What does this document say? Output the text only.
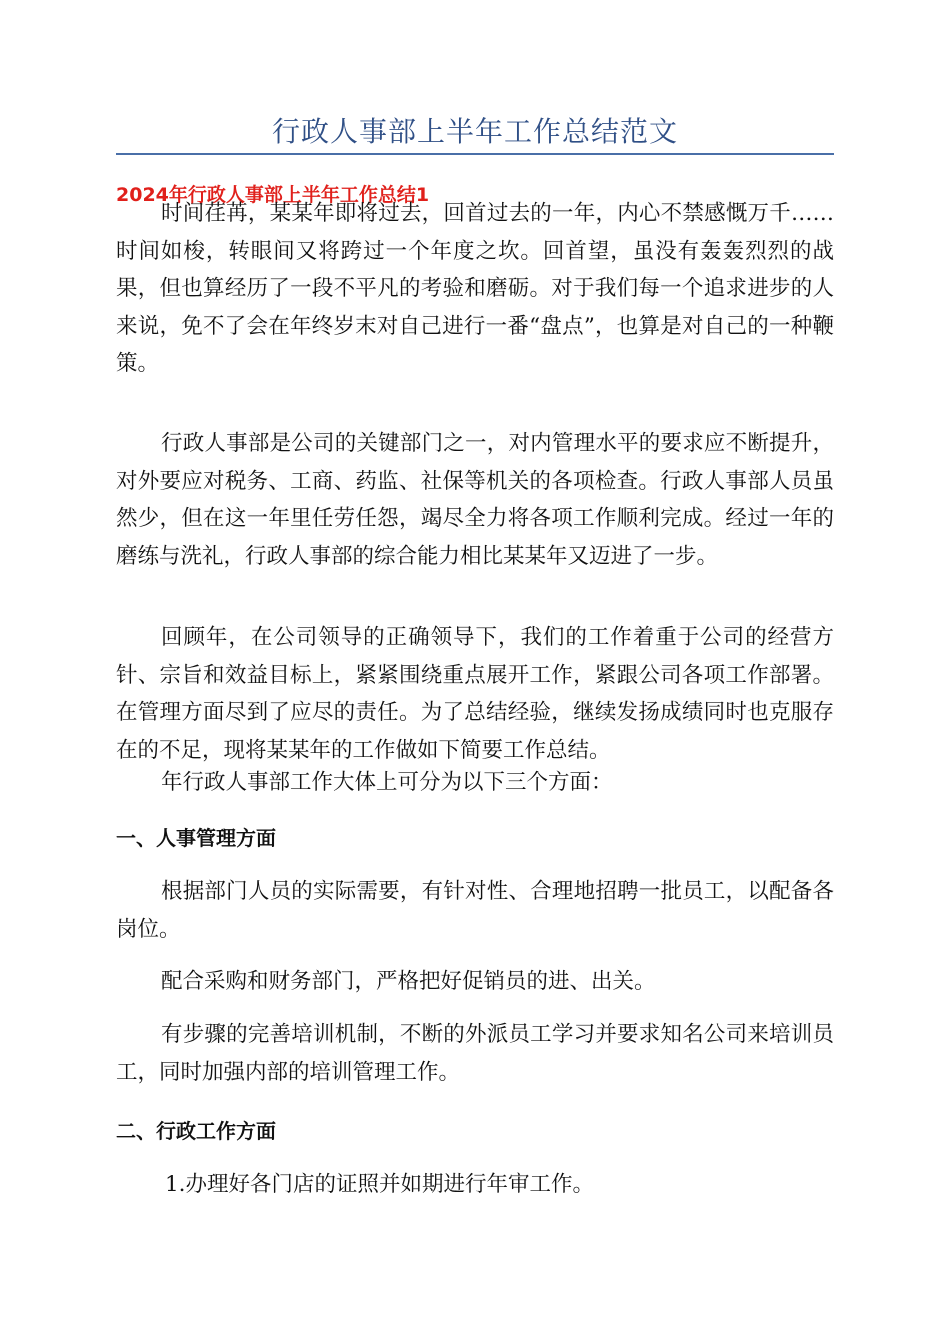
行政人事部上半年工作总结范文
2024年行政人事部上半年工作总结1

时间荏苒，某某年即将过去，回首过去的一年，内心不禁感慨万千……时间如梭，转眼间又将跨过一个年度之坎。回首望，虽没有轰轰烈烈的战果，但也算经历了一段不平凡的考验和磨砺。对于我们每一个追求进步的人来说，免不了会在年终岁末对自己进行一番“盘点”，也算是对自己的一种鞭策。

行政人事部是公司的关键部门之一，对内管理水平的要求应不断提升，对外要应对税务、工商、药监、社保等机关的各项检查。行政人事部人员虽然少，但在这一年里任劳任怨，竭尽全力将各项工作顺利完成。经过一年的磨练与洗礼，行政人事部的综合能力相比某某年又迈进了一步。

回顾年，在公司领导的正确领导下，我们的工作着重于公司的经营方针、宗旨和效益目标上，紧紧围绕重点展开工作，紧跟公司各项工作部署。在管理方面尽到了应尽的责任。为了总结经验，继续发扬成绩同时也克服存在的不足，现将某某年的工作做如下简要工作总结。

年行政人事部工作大体上可分为以下三个方面：

一、人事管理方面

根据部门人员的实际需要，有针对性、合理地招聘一批员工，以配备各岗位。

配合采购和财务部门，严格把好促销员的进、出关。

有步骤的完善培训机制，不断的外派员工学习并要求知名公司来培训员工，同时加强内部的培训管理工作。

二、行政工作方面
1.办理好各门店的证照并如期进行年审工作。
